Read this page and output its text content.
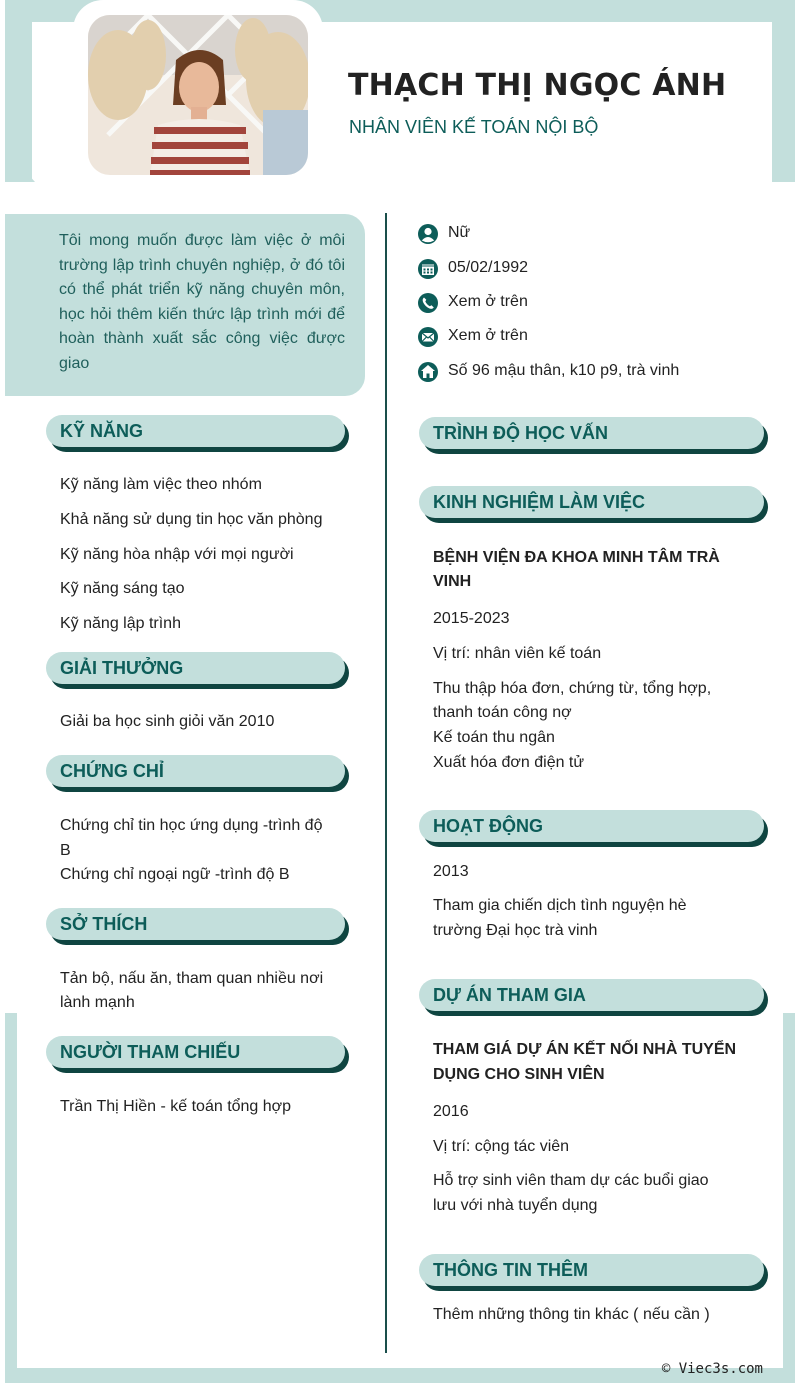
THẠCH THỊ NGỌC ÁNH

NHÂN VIÊN KẾ TOÁN NỘI BỘ

Tôi mong muốn được làm việc ở môi trường lập trình chuyên nghiệp, ở đó tôi có thể phát triển kỹ năng chuyên môn, học hỏi thêm kiến thức lập trình mới để hoàn thành xuất sắc công việc được giao

Nữ
05/02/1992
Xem ở trên
Xem ở trên
Số 96 mậu thân, k10 p9, trà vinh
KỸ NĂNG

Kỹ năng làm việc theo nhóm

Khả năng sử dụng tin học văn phòng

Kỹ năng hòa nhập với mọi người

Kỹ năng sáng tạo

Kỹ năng lập trình

GIẢI THƯỞNG

Giải ba học sinh giỏi văn 2010

CHỨNG CHỈ

Chứng chỉ tin học ứng dụng -trình độ

B

Chứng chỉ ngoại ngữ -trình độ B

SỞ THÍCH

Tản bộ, nấu ăn, tham quan nhiều nơi

lành mạnh

NGƯỜI THAM CHIẾU

Trần Thị Hiền - kế toán tổng hợp

TRÌNH ĐỘ HỌC VẤN
KINH NGHIỆM LÀM VIỆC

BỆNH VIỆN ĐA KHOA MINH TÂM TRÀ

VINH

2015-2023

Vị trí: nhân viên kế toán

Thu thập hóa đơn, chứng từ, tổng hợp,

thanh toán công nợ

Kế toán thu ngân

Xuất hóa đơn điện tử

HOẠT ĐỘNG

2013

Tham gia chiến dịch tình nguyện hè

trường Đại học trà vinh

DỰ ÁN THAM GIA

THAM GIÁ DỰ ÁN KẾT NỐI NHÀ TUYỂN

DỤNG CHO SINH VIÊN

2016

Vị trí: cộng tác viên

Hỗ trợ sinh viên tham dự các buổi giao

lưu với nhà tuyển dụng

THÔNG TIN THÊM

Thêm những thông tin khác ( nếu cần )

© Viec3s.com
